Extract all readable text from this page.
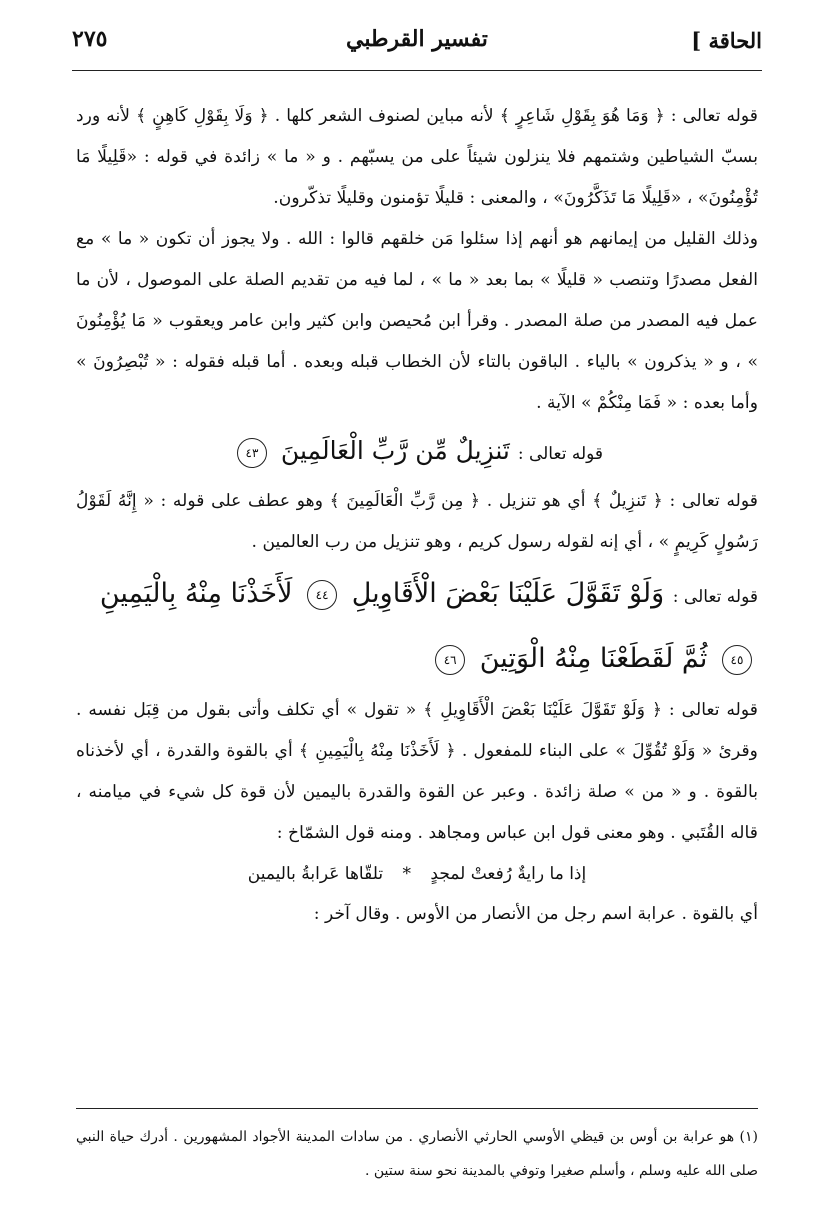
الحاقة ]
تفسير القرطبي
٢٧٥

قوله تعالى : ﴿ وَمَا هُوَ بِقَوْلِ شَاعِرٍ ﴾ لأنه مباين لصنوف الشعر كلها . ﴿ وَلَا بِقَوْلِ كَاهِنٍ ﴾ لأنه ورد بسبّ الشياطين وشتمهم فلا ينزلون شيئاً على من يسبّهم . و « ما » زائدة في قوله : «قَلِيلًا مَا تُؤْمِنُونَ» ، «قَلِيلًا مَا تَذَكَّرُونَ» ، والمعنى : قليلًا تؤمنون وقليلًا تذكّرون.

وذلك القليل من إيمانهم هو أنهم إذا سئلوا مَن خلقهم قالوا : الله . ولا يجوز أن تكون « ما » مع الفعل مصدرًا وتنصب « قليلًا » بما بعد « ما » ، لما فيه من تقديم الصلة على الموصول ، لأن ما عمل فيه المصدر من صلة المصدر . وقرأ ابن مُحيصن وابن كثير وابن عامر ويعقوب « مَا يُؤْمِنُونَ » ، و « يذكرون » بالياء . الباقون بالتاء لأن الخطاب قبله وبعده . أما قبله فقوله : « تُبْصِرُونَ » وأما بعده : « فَمَا مِنْكُمْ » الآية .

قوله تعالى : تَنزِيلٌ مِّن رَّبِّ الْعَالَمِينَ ٤٣

قوله تعالى : ﴿ تَنزِيلٌ ﴾ أي هو تنزيل . ﴿ مِن رَّبِّ الْعَالَمِينَ ﴾ وهو عطف على قوله : « إِنَّهُ لَقَوْلُ رَسُولٍ كَرِيمٍ » ، أي إنه لقوله رسول كريم ، وهو تنزيل من رب العالمين .

قوله تعالى : وَلَوْ تَقَوَّلَ عَلَيْنَا بَعْضَ الْأَقَاوِيلِ ٤٤ لَأَخَذْنَا مِنْهُ بِالْيَمِينِ ٤٥ ثُمَّ لَقَطَعْنَا مِنْهُ الْوَتِينَ ٤٦

قوله تعالى : ﴿ وَلَوْ تَقَوَّلَ عَلَيْنَا بَعْضَ الْأَقَاوِيلِ ﴾ « تقول » أي تكلف وأتى بقول من قِبَل نفسه . وقرئ « وَلَوْ تُقُوِّلَ » على البناء للمفعول . ﴿ لَأَخَذْنَا مِنْهُ بِالْيَمِينِ ﴾ أي بالقوة والقدرة ، أي لأخذناه بالقوة . و « من » صلة زائدة . وعبر عن القوة والقدرة باليمين لأن قوة كل شيء في ميامنه ، قاله القُتَبي . وهو معنى قول ابن عباس ومجاهد . ومنه قول الشمّاخ :

إذا ما رايةٌ رُفعتْ لمجدٍ * تلقّاها عَرابةُ باليمين

أي بالقوة . عرابة اسم رجل من الأنصار من الأوس . وقال آخر :

(١) هو عرابة بن أوس بن قيظي الأوسي الحارثي الأنصاري . من سادات المدينة الأجواد المشهورين . أدرك حياة النبي صلى الله عليه وسلم ، وأسلم صغيرا وتوفي بالمدينة نحو سنة ستين .
